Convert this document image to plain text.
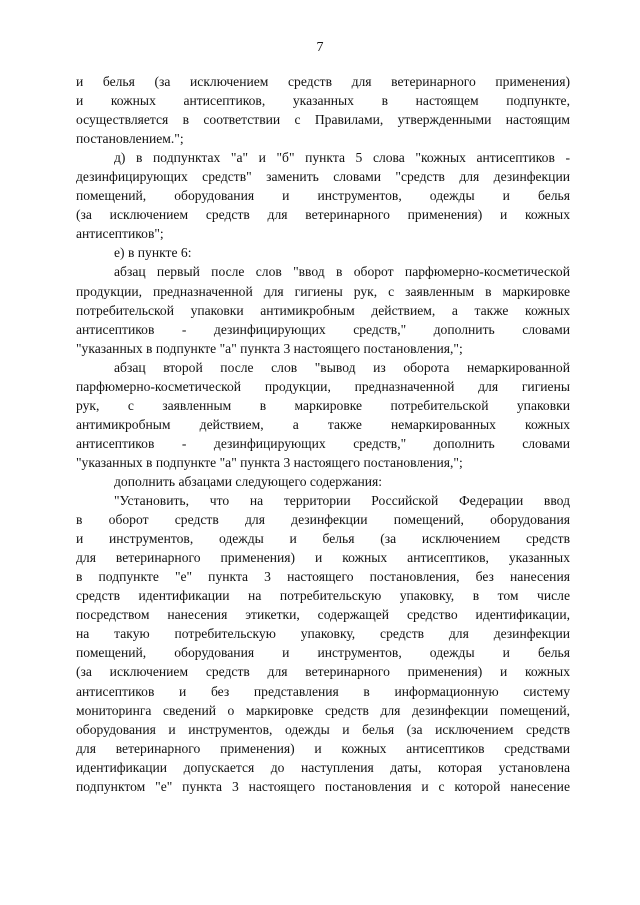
7
и белья (за исключением средств для ветеринарного применения)
и кожных антисептиков, указанных в настоящем подпункте,
осуществляется в соответствии с Правилами, утвержденными настоящим
постановлением.";
д) в подпунктах "а" и "б" пункта 5 слова "кожных антисептиков -
дезинфицирующих средств" заменить словами "средств для дезинфекции
помещений, оборудования и инструментов, одежды и белья
(за исключением средств для ветеринарного применения) и кожных
антисептиков";
е) в пункте 6:
абзац первый после слов "ввод в оборот парфюмерно-косметической
продукции, предназначенной для гигиены рук, с заявленным в маркировке
потребительской упаковки антимикробным действием, а также кожных
антисептиков - дезинфицирующих средств," дополнить словами
"указанных в подпункте "а" пункта 3 настоящего постановления,";
абзац второй после слов "вывод из оборота немаркированной
парфюмерно-косметической продукции, предназначенной для гигиены
рук, с заявленным в маркировке потребительской упаковки
антимикробным действием, а также немаркированных кожных
антисептиков - дезинфицирующих средств," дополнить словами
"указанных в подпункте "а" пункта 3 настоящего постановления,";
дополнить абзацами следующего содержания:
"Установить, что на территории Российской Федерации ввод
в оборот средств для дезинфекции помещений, оборудования
и инструментов, одежды и белья (за исключением средств
для ветеринарного применения) и кожных антисептиков, указанных
в подпункте "е" пункта 3 настоящего постановления, без нанесения
средств идентификации на потребительскую упаковку, в том числе
посредством нанесения этикетки, содержащей средство идентификации,
на такую потребительскую упаковку, средств для дезинфекции
помещений, оборудования и инструментов, одежды и белья
(за исключением средств для ветеринарного применения) и кожных
антисептиков и без представления в информационную систему
мониторинга сведений о маркировке средств для дезинфекции помещений,
оборудования и инструментов, одежды и белья (за исключением средств
для ветеринарного применения) и кожных антисептиков средствами
идентификации допускается до наступления даты, которая установлена
подпунктом "е" пункта 3 настоящего постановления и с которой нанесение
